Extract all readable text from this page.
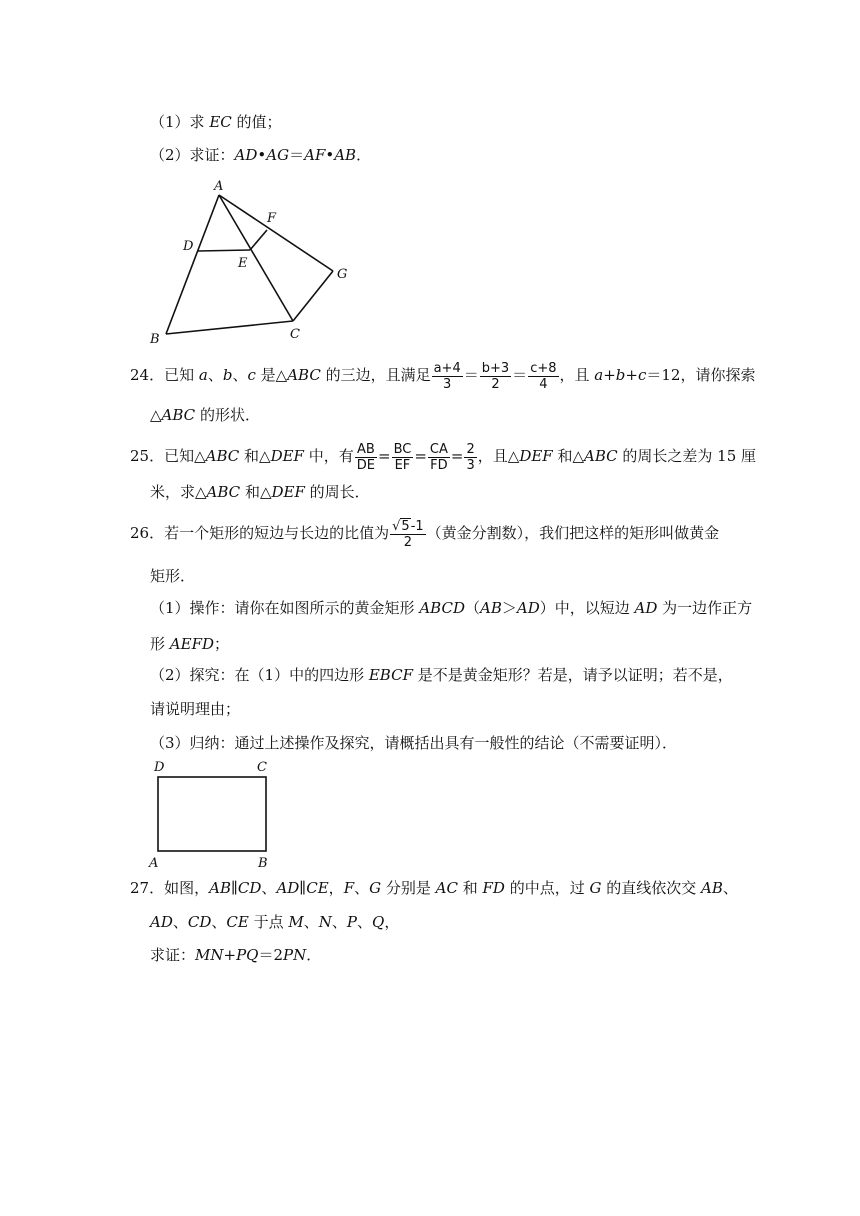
（1）求 EC 的值；
（2）求证：AD•AG＝AF•AB．
A
B	C
D
E
F
G
24．已知 a、b、c 是△ABC 的三边，且满足 $\frac{a+4}{3} = \frac{b+3}{2} = \frac{c+8}{4}$ ，且 a+b+c＝12，请你探索
△ABC 的形状．
25．已知△ABC 和△DEF 中，有 $\frac{AB}{DE} = \frac{BC}{EF} = \frac{CA}{FD} = \frac{2}{3}$ ，且△DEF 和△ABC 的周长之差为 15 厘
米，求△ABC 和△DEF 的周长．
26．若一个矩形的短边与长边的比值为 $\frac{√5-1}{2}$ （黄金分割数），我们把这样的矩形叫做黄金
矩形．
（1）操作：请你在如图所示的黄金矩形 ABCD（AB＞AD）中，以短边 AD 为一边作正方
形 AEFD；
（2）探究：在（1）中的四边形 EBCF 是不是黄金矩形？若是，请予以证明；若不是，
请说明理由；
（3）归纳：通过上述操作及探究，请概括出具有一般性的结论（不需要证明）．
D	C
A	B
27．如图，AB∥CD、AD∥CE，F、G 分别是 AC 和 FD 的中点，过 G 的直线依次交 AB、
AD、CD、CE 于点 M、N、P、Q，
求证：MN+PQ＝2PN．
